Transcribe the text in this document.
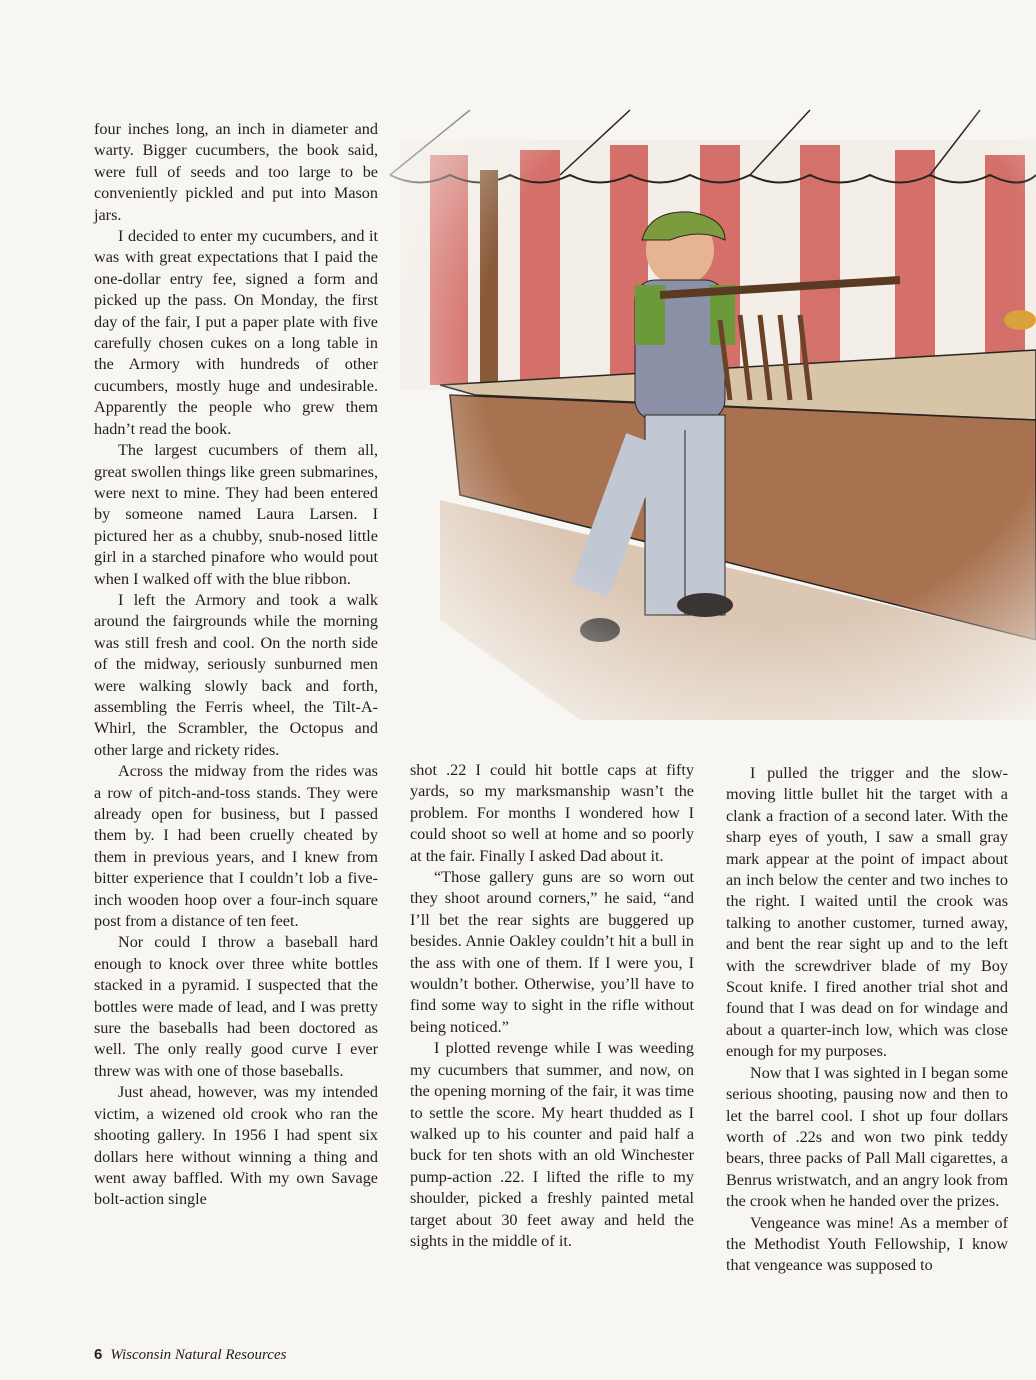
four inches long, an inch in diameter and warty. Bigger cucumbers, the book said, were full of seeds and too large to be conveniently pickled and put into Mason jars.

I decided to enter my cucumbers, and it was with great expectations that I paid the one-dollar entry fee, signed a form and picked up the pass. On Monday, the first day of the fair, I put a paper plate with five carefully chosen cukes on a long table in the Armory with hundreds of other cucumbers, mostly huge and undesirable. Apparently the people who grew them hadn’t read the book.

The largest cucumbers of them all, great swollen things like green submarines, were next to mine. They had been entered by someone named Laura Larsen. I pictured her as a chubby, snub-nosed little girl in a starched pinafore who would pout when I walked off with the blue ribbon.

I left the Armory and took a walk around the fairgrounds while the morning was still fresh and cool. On the north side of the midway, seriously sunburned men were walking slowly back and forth, assembling the Ferris wheel, the Tilt-A-Whirl, the Scrambler, the Octopus and other large and rickety rides.

Across the midway from the rides was a row of pitch-and-toss stands. They were already open for business, but I passed them by. I had been cruelly cheated by them in previous years, and I knew from bitter experience that I couldn’t lob a five-inch wooden hoop over a four-inch square post from a distance of ten feet.

Nor could I throw a baseball hard enough to knock over three white bottles stacked in a pyramid. I suspected that the bottles were made of lead, and I was pretty sure the baseballs had been doctored as well. The only really good curve I ever threw was with one of those baseballs.

Just ahead, however, was my intended victim, a wizened old crook who ran the shooting gallery. In 1956 I had spent six dollars here without winning a thing and went away baffled. With my own Savage bolt-action single

shot .22 I could hit bottle caps at fifty yards, so my marksmanship wasn’t the problem. For months I wondered how I could shoot so well at home and so poorly at the fair. Finally I asked Dad about it.

“Those gallery guns are so worn out they shoot around corners,” he said, “and I’ll bet the rear sights are buggered up besides. Annie Oakley couldn’t hit a bull in the ass with one of them. If I were you, I wouldn’t bother. Otherwise, you’ll have to find some way to sight in the rifle without being noticed.”

I plotted revenge while I was weeding my cucumbers that summer, and now, on the opening morning of the fair, it was time to settle the score. My heart thudded as I walked up to his counter and paid half a buck for ten shots with an old Winchester pump-action .22. I lifted the rifle to my shoulder, picked a freshly painted metal target about 30 feet away and held the sights in the middle of it.

I pulled the trigger and the slow-moving little bullet hit the target with a clank a fraction of a second later. With the sharp eyes of youth, I saw a small gray mark appear at the point of impact about an inch below the center and two inches to the right. I waited until the crook was talking to another customer, turned away, and bent the rear sight up and to the left with the screwdriver blade of my Boy Scout knife. I fired another trial shot and found that I was dead on for windage and about a quarter-inch low, which was close enough for my purposes.

Now that I was sighted in I began some serious shooting, pausing now and then to let the barrel cool. I shot up four dollars worth of .22s and won two pink teddy bears, three packs of Pall Mall cigarettes, a Benrus wristwatch, and an angry look from the crook when he handed over the prizes.

Vengeance was mine! As a member of the Methodist Youth Fellowship, I know that vengeance was supposed to

6 Wisconsin Natural Resources
